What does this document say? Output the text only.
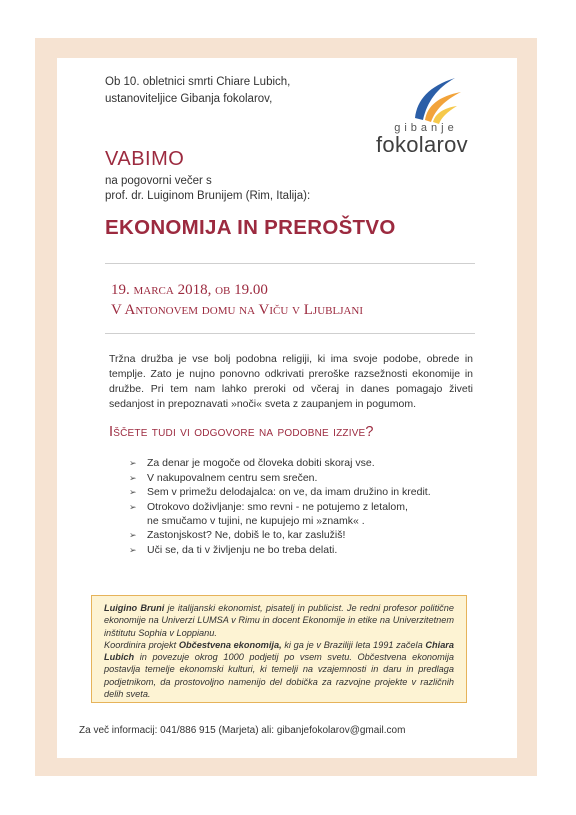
Ob 10. obletnici smrti Chiare Lubich,
ustanoviteljice Gibanja fokolarov,
gibanje
fokolarov
VABIMO
na pogovorni večer s
prof. dr. Luiginom Brunijem (Rim, Italija):
EKONOMIJA IN PREROŠTVO
19. marca 2018, ob 19.00
V Antonovem domu na Viču v Ljubljani
Tržna družba je vse bolj podobna religiji, ki ima svoje podobe, obrede in templje. Zato je nujno ponovno odkrivati preroške razsežnosti ekonomije in družbe. Pri tem nam lahko preroki od včeraj in danes pomagajo živeti sedanjost in prepoznavati »noči« sveta z zaupanjem in pogumom.
Iščete tudi vi odgovore na podobne izzive?
➢ Za denar je mogoče od človeka dobiti skoraj vse.
➢ V nakupovalnem centru sem srečen.
➢ Sem v primežu delodajalca: on ve, da imam družino in kredit.
➢ Otrokovo doživljanje: smo revni - ne potujemo z letalom,
ne smučamo v tujini, ne kupujejo mi »znamk« .
➢ Zastonjskost? Ne, dobiš le to, kar zaslužiš!
➢ Uči se, da ti v življenju ne bo treba delati.
Luigino Bruni je italijanski ekonomist, pisatelj in publicist. Je redni profesor politične ekonomije na Univerzi LUMSA v Rimu in docent Ekonomije in etike na Univerzitetnem inštitutu Sophia v Loppianu.
Koordinira projekt Občestvena ekonomija, ki ga je v Braziliji leta 1991 začela Chiara Lubich in povezuje okrog 1000 podjetij po vsem svetu. Občestvena ekonomija postavlja temelje ekonomski kulturi, ki temelji na vzajemnosti in daru in predlaga podjetnikom, da prostovoljno namenijo del dobička za razvojne projekte v različnih delih sveta.
Za več informacij: 041/886 915 (Marjeta) ali: gibanjefokolarov@gmail.com
